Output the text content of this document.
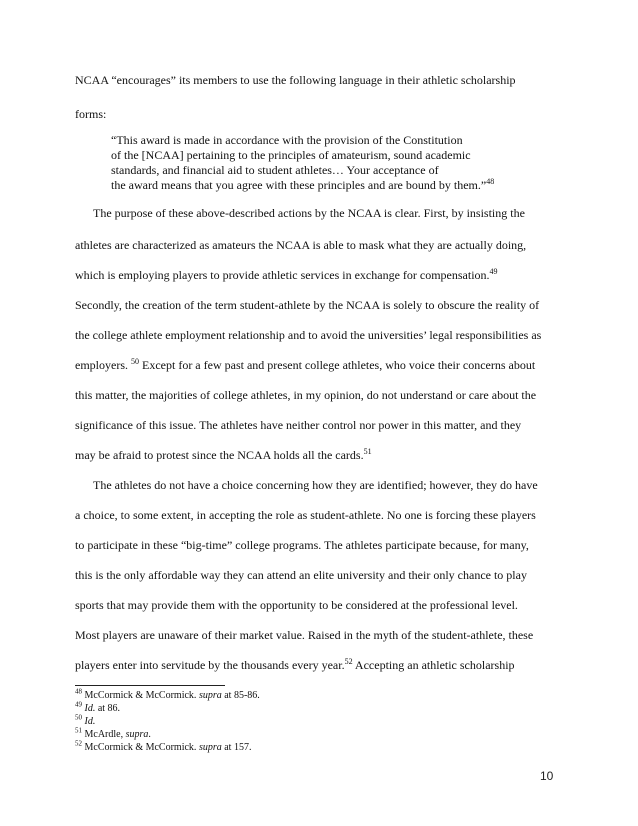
NCAA “encourages” its members to use the following language in their athletic scholarship
forms:
“This award is made in accordance with the provision of the Constitution
of the [NCAA] pertaining to the principles of amateurism, sound academic
standards, and financial aid to student athletes… Your acceptance of
the award means that you agree with these principles and are bound by them.”$^{48}$
The purpose of these above-described actions by the NCAA is clear. First, by insisting the
athletes are characterized as amateurs the NCAA is able to mask what they are actually doing,
which is employing players to provide athletic services in exchange for compensation.$^{49}$
Secondly, the creation of the term student-athlete by the NCAA is solely to obscure the reality of
the college athlete employment relationship and to avoid the universities’ legal responsibilities as
employers. $^{50}$ Except for a few past and present college athletes, who voice their concerns about
this matter, the majorities of college athletes, in my opinion, do not understand or care about the
significance of this issue. The athletes have neither control nor power in this matter, and they
may be afraid to protest since the NCAA holds all the cards.$^{51}$
The athletes do not have a choice concerning how they are identified; however, they do have
a choice, to some extent, in accepting the role as student-athlete. No one is forcing these players
to participate in these “big-time” college programs. The athletes participate because, for many,
this is the only affordable way they can attend an elite university and their only chance to play
sports that may provide them with the opportunity to be considered at the professional level.
Most players are unaware of their market value. Raised in the myth of the student-athlete, these
players enter into servitude by the thousands every year.$^{52}$ Accepting an athletic scholarship
$^{48}$ McCormick & McCormick. supra at 85-86.
$^{49}$ Id. at 86.
$^{50}$ Id.
$^{51}$ McArdle, supra.
$^{52}$ McCormick & McCormick. supra at 157.
10
